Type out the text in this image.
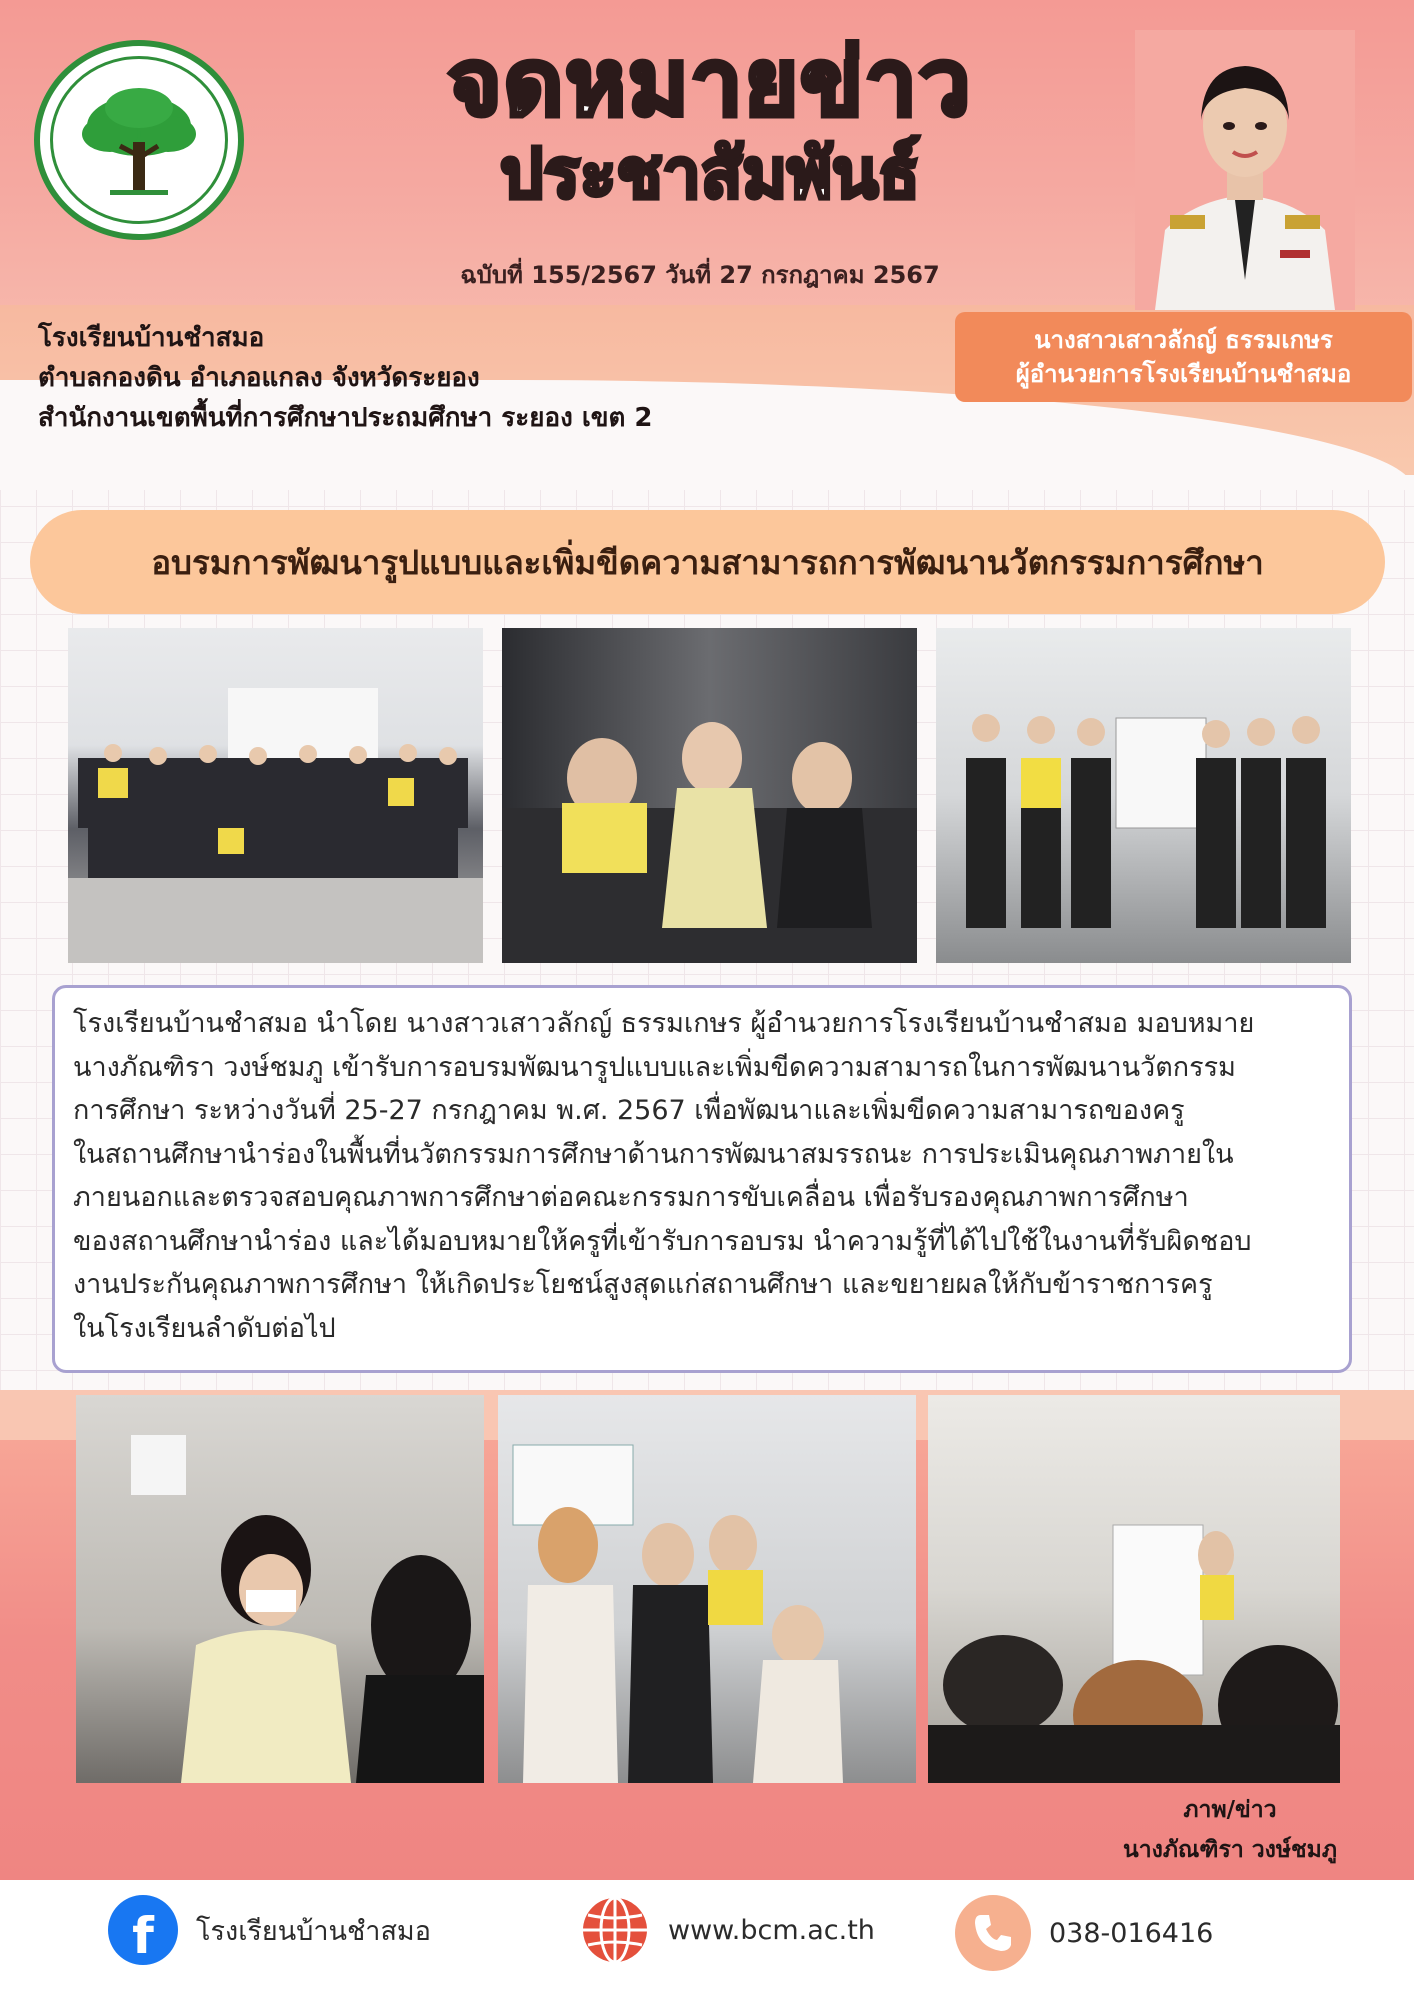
จดหมายข่าว
ประชาสัมพันธ์
ฉบับที่ 155/2567 วันที่ 27 กรกฎาคม 2567
นางสาวเสาวลักญ์ ธรรมเกษร
ผู้อำนวยการโรงเรียนบ้านชำสมอ
โรงเรียนบ้านชำสมอ
ตำบลกองดิน อำเภอแกลง จังหวัดระยอง
สำนักงานเขตพื้นที่การศึกษาประถมศึกษา ระยอง เขต 2
อบรมการพัฒนารูปแบบและเพิ่มขีดความสามารถการพัฒนานวัตกรรมการศึกษา

โรงเรียนบ้านชำสมอ นำโดย นางสาวเสาวลักญ์ ธรรมเกษร ผู้อำนวยการโรงเรียนบ้านชำสมอ มอบหมาย
นางภัณฑิรา วงษ์ชมภู เข้ารับการอบรมพัฒนารูปแบบและเพิ่มขีดความสามารถในการพัฒนานวัตกรรม
การศึกษา ระหว่างวันที่ 25-27 กรกฎาคม พ.ศ. 2567 เพื่อพัฒนาและเพิ่มขีดความสามารถของครู
ในสถานศึกษานำร่องในพื้นที่นวัตกรรมการศึกษาด้านการพัฒนาสมรรถนะ การประเมินคุณภาพภายใน
ภายนอกและตรวจสอบคุณภาพการศึกษาต่อคณะกรรมการขับเคลื่อน เพื่อรับรองคุณภาพการศึกษา
ของสถานศึกษานำร่อง และได้มอบหมายให้ครูที่เข้ารับการอบรม นำความรู้ที่ได้ไปใช้ในงานที่รับผิดชอบ
งานประกันคุณภาพการศึกษา ให้เกิดประโยชน์สูงสุดแก่สถานศึกษา และขยายผลให้กับข้าราชการครู
ในโรงเรียนลำดับต่อไป

ภาพ/ข่าว
นางภัณฑิรา วงษ์ชมภู
f	โรงเรียนบ้านชำสมอ	www.bcm.ac.th	038-016416
